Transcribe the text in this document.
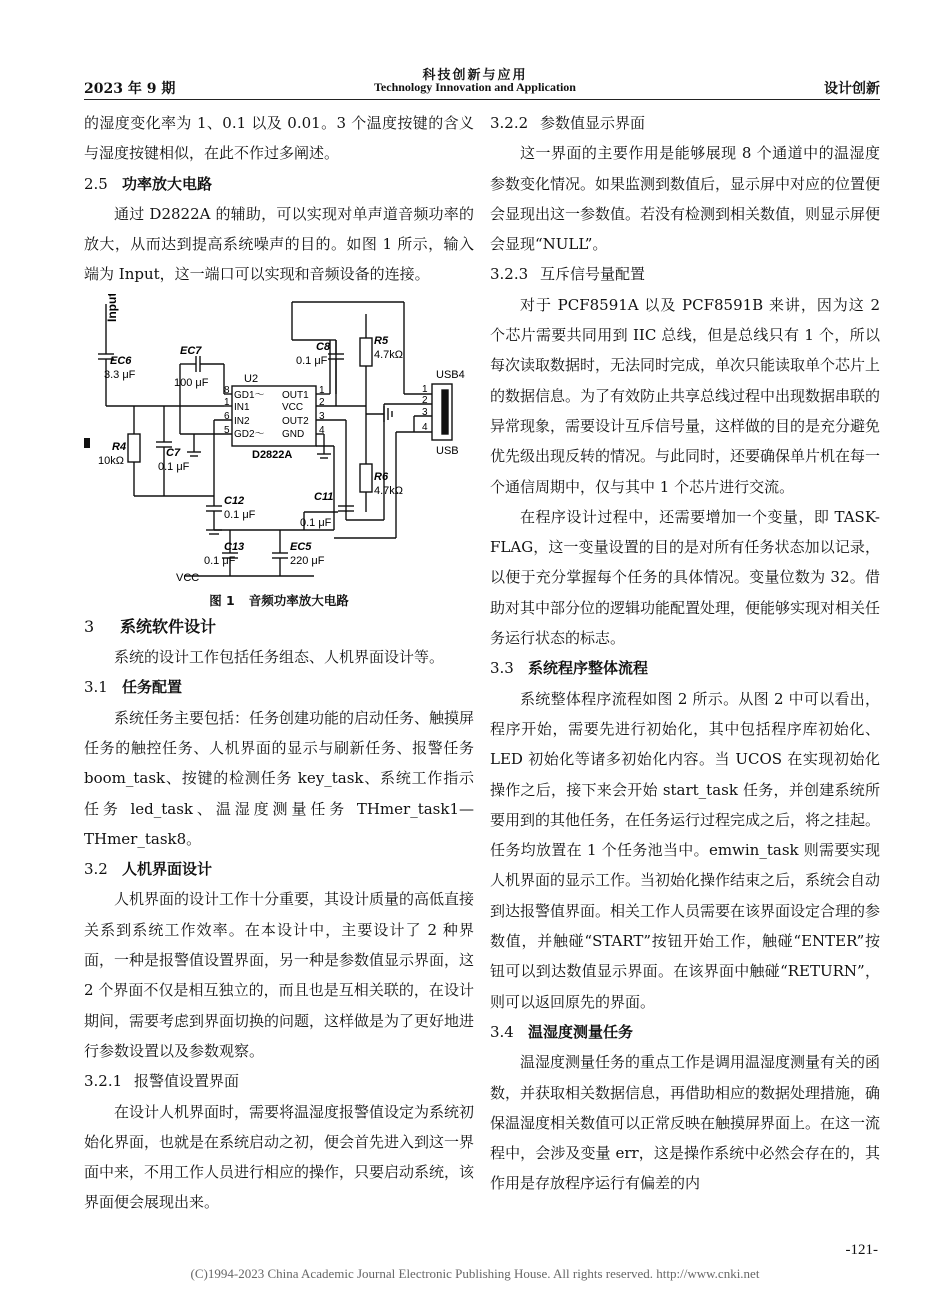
科技创新与应用
2023 年 9 期	Technology Innovation and Application	设计创新

的湿度变化率为 1、0.1 以及 0.01。3 个温度按键的含义与湿度按键相似，在此不作过多阐述。

2.5 功率放大电路

通过 D2822A 的辅助，可以实现对单声道音频功率的放大，从而达到提高系统噪声的目的。如图 1 所示，输入端为 Input，这一端口可以实现和音频设备的连接。

Input
EC6
3.3 μF
EC7
100 μF	U2
GD1～
IN1
IN2
GD2～
OUT1
VCC
OUT2
GND
8
1
6
5
1
2
3
4
D2822A
C8
0.1 μF
R5
4.7kΩ
R4
10kΩ
C7
0.1 μF
R6
4.7kΩ
C11
0.1 μF
C12
0.1 μF
C13
0.1 μF
EC5
220 μF
VCC
USB4
USB
1
2
3
4

图 1 音频功率放大电路

3 系统软件设计

系统的设计工作包括任务组态、人机界面设计等。

3.1 任务配置

系统任务主要包括：任务创建功能的启动任务、触摸屏任务的触控任务、人机界面的显示与刷新任务、报警任务 boom_task、按键的检测任务 key_task、系统工作指示任务 led_task、温湿度测量任务 THmer_task1—THmer_task8。

3.2 人机界面设计

人机界面的设计工作十分重要，其设计质量的高低直接关系到系统工作效率。在本设计中，主要设计了 2 种界面，一种是报警值设置界面，另一种是参数值显示界面，这 2 个界面不仅是相互独立的，而且也是互相关联的，在设计期间，需要考虑到界面切换的问题，这样做是为了更好地进行参数设置以及参数观察。

3.2.1 报警值设置界面

在设计人机界面时，需要将温湿度报警值设定为系统初始化界面，也就是在系统启动之初，便会首先进入到这一界面中来，不用工作人员进行相应的操作，只要启动系统，该界面便会展现出来。

3.2.2 参数值显示界面

这一界面的主要作用是能够展现 8 个通道中的温湿度参数变化情况。如果监测到数值后，显示屏中对应的位置便会显现出这一参数值。若没有检测到相关数值，则显示屏便会显现“NULL”。

3.2.3 互斥信号量配置

对于 PCF8591A 以及 PCF8591B 来讲，因为这 2 个芯片需要共同用到 IIC 总线，但是总线只有 1 个，所以每次读取数据时，无法同时完成，单次只能读取单个芯片上的数据信息。为了有效防止共享总线过程中出现数据串联的异常现象，需要设计互斥信号量，这样做的目的是充分避免优先级出现反转的情况。与此同时，还要确保单片机在每一个通信周期中，仅与其中 1 个芯片进行交流。

在程序设计过程中，还需要增加一个变量，即 TASK-FLAG，这一变量设置的目的是对所有任务状态加以记录，以便于充分掌握每个任务的具体情况。变量位数为 32。借助对其中部分位的逻辑功能配置处理，便能够实现对相关任务运行状态的标志。

3.3 系统程序整体流程

系统整体程序流程如图 2 所示。从图 2 中可以看出，程序开始，需要先进行初始化，其中包括程序库初始化、LED 初始化等诸多初始化内容。当 UCOS 在实现初始化操作之后，接下来会开始 start_task 任务，并创建系统所要用到的其他任务，在任务运行过程完成之后，将之挂起。任务均放置在 1 个任务池当中。emwin_task 则需要实现人机界面的显示工作。当初始化操作结束之后，系统会自动到达报警值界面。相关工作人员需要在该界面设定合理的参数值，并触碰“START”按钮开始工作，触碰“ENTER”按钮可以到达数值显示界面。在该界面中触碰“RETURN”，则可以返回原先的界面。

3.4 温湿度测量任务

温湿度测量任务的重点工作是调用温湿度测量有关的函数，并获取相关数据信息，再借助相应的数据处理措施，确保温湿度相关数值可以正常反映在触摸屏界面上。在这一流程中，会涉及变量 err，这是操作系统中必然会存在的，其作用是存放程序运行有偏差的内

-121-
(C)1994-2023 China Academic Journal Electronic Publishing House. All rights reserved. http://www.cnki.net
